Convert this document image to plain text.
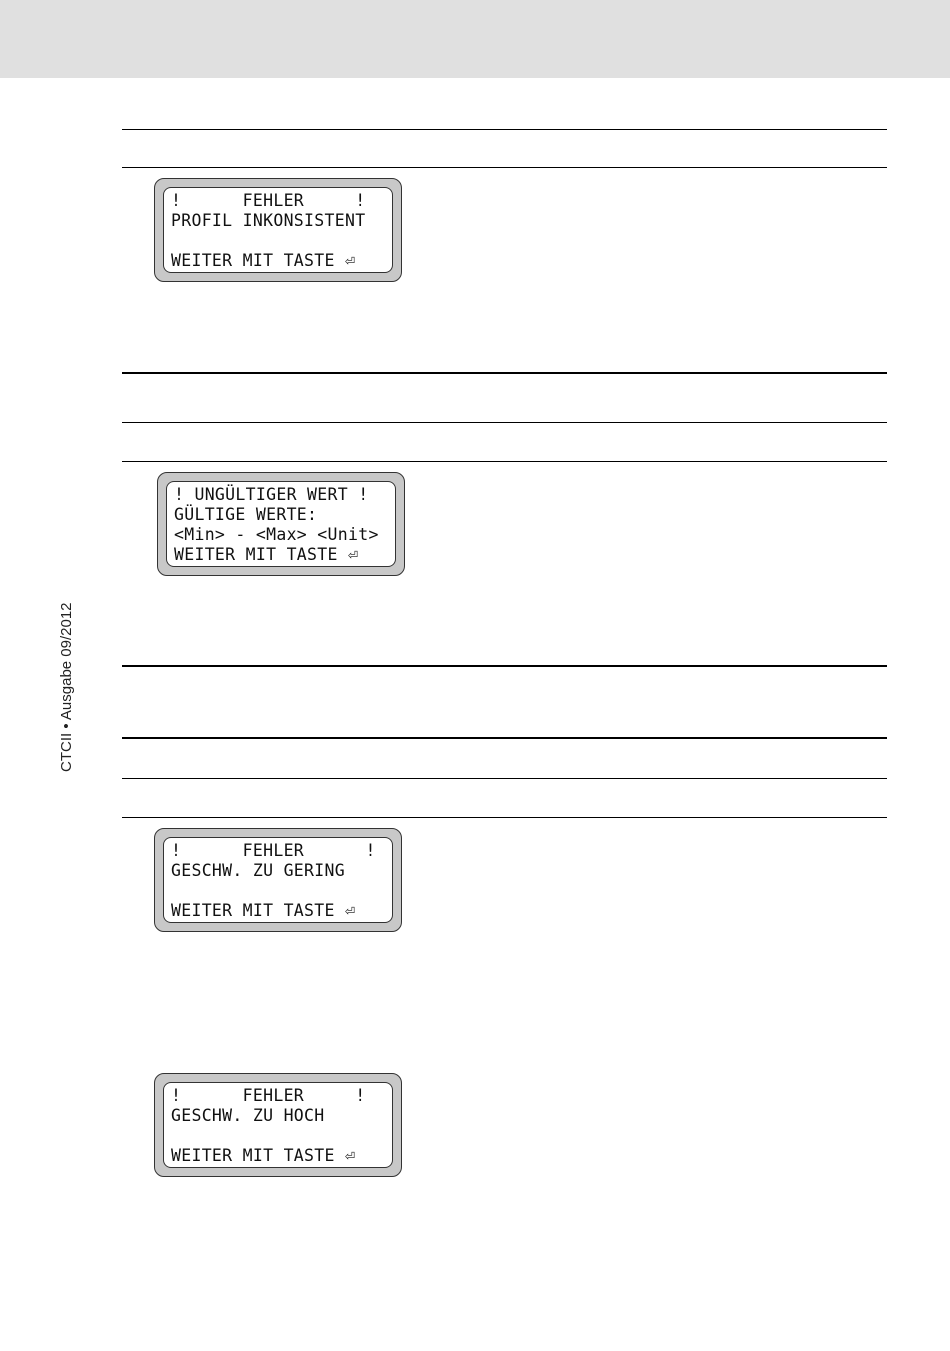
!      FEHLER     !
PROFIL INKONSISTENT
WEITER MIT TASTE ⏎
! UNGÜLTIGER WERT !
GÜLTIGE WERTE:
<Min> - <Max> <Unit>
WEITER MIT TASTE ⏎
!      FEHLER      !
GESCHW. ZU GERING
WEITER MIT TASTE ⏎
!      FEHLER     !
GESCHW. ZU HOCH
WEITER MIT TASTE ⏎
CTCII • Ausgabe 09/2012
